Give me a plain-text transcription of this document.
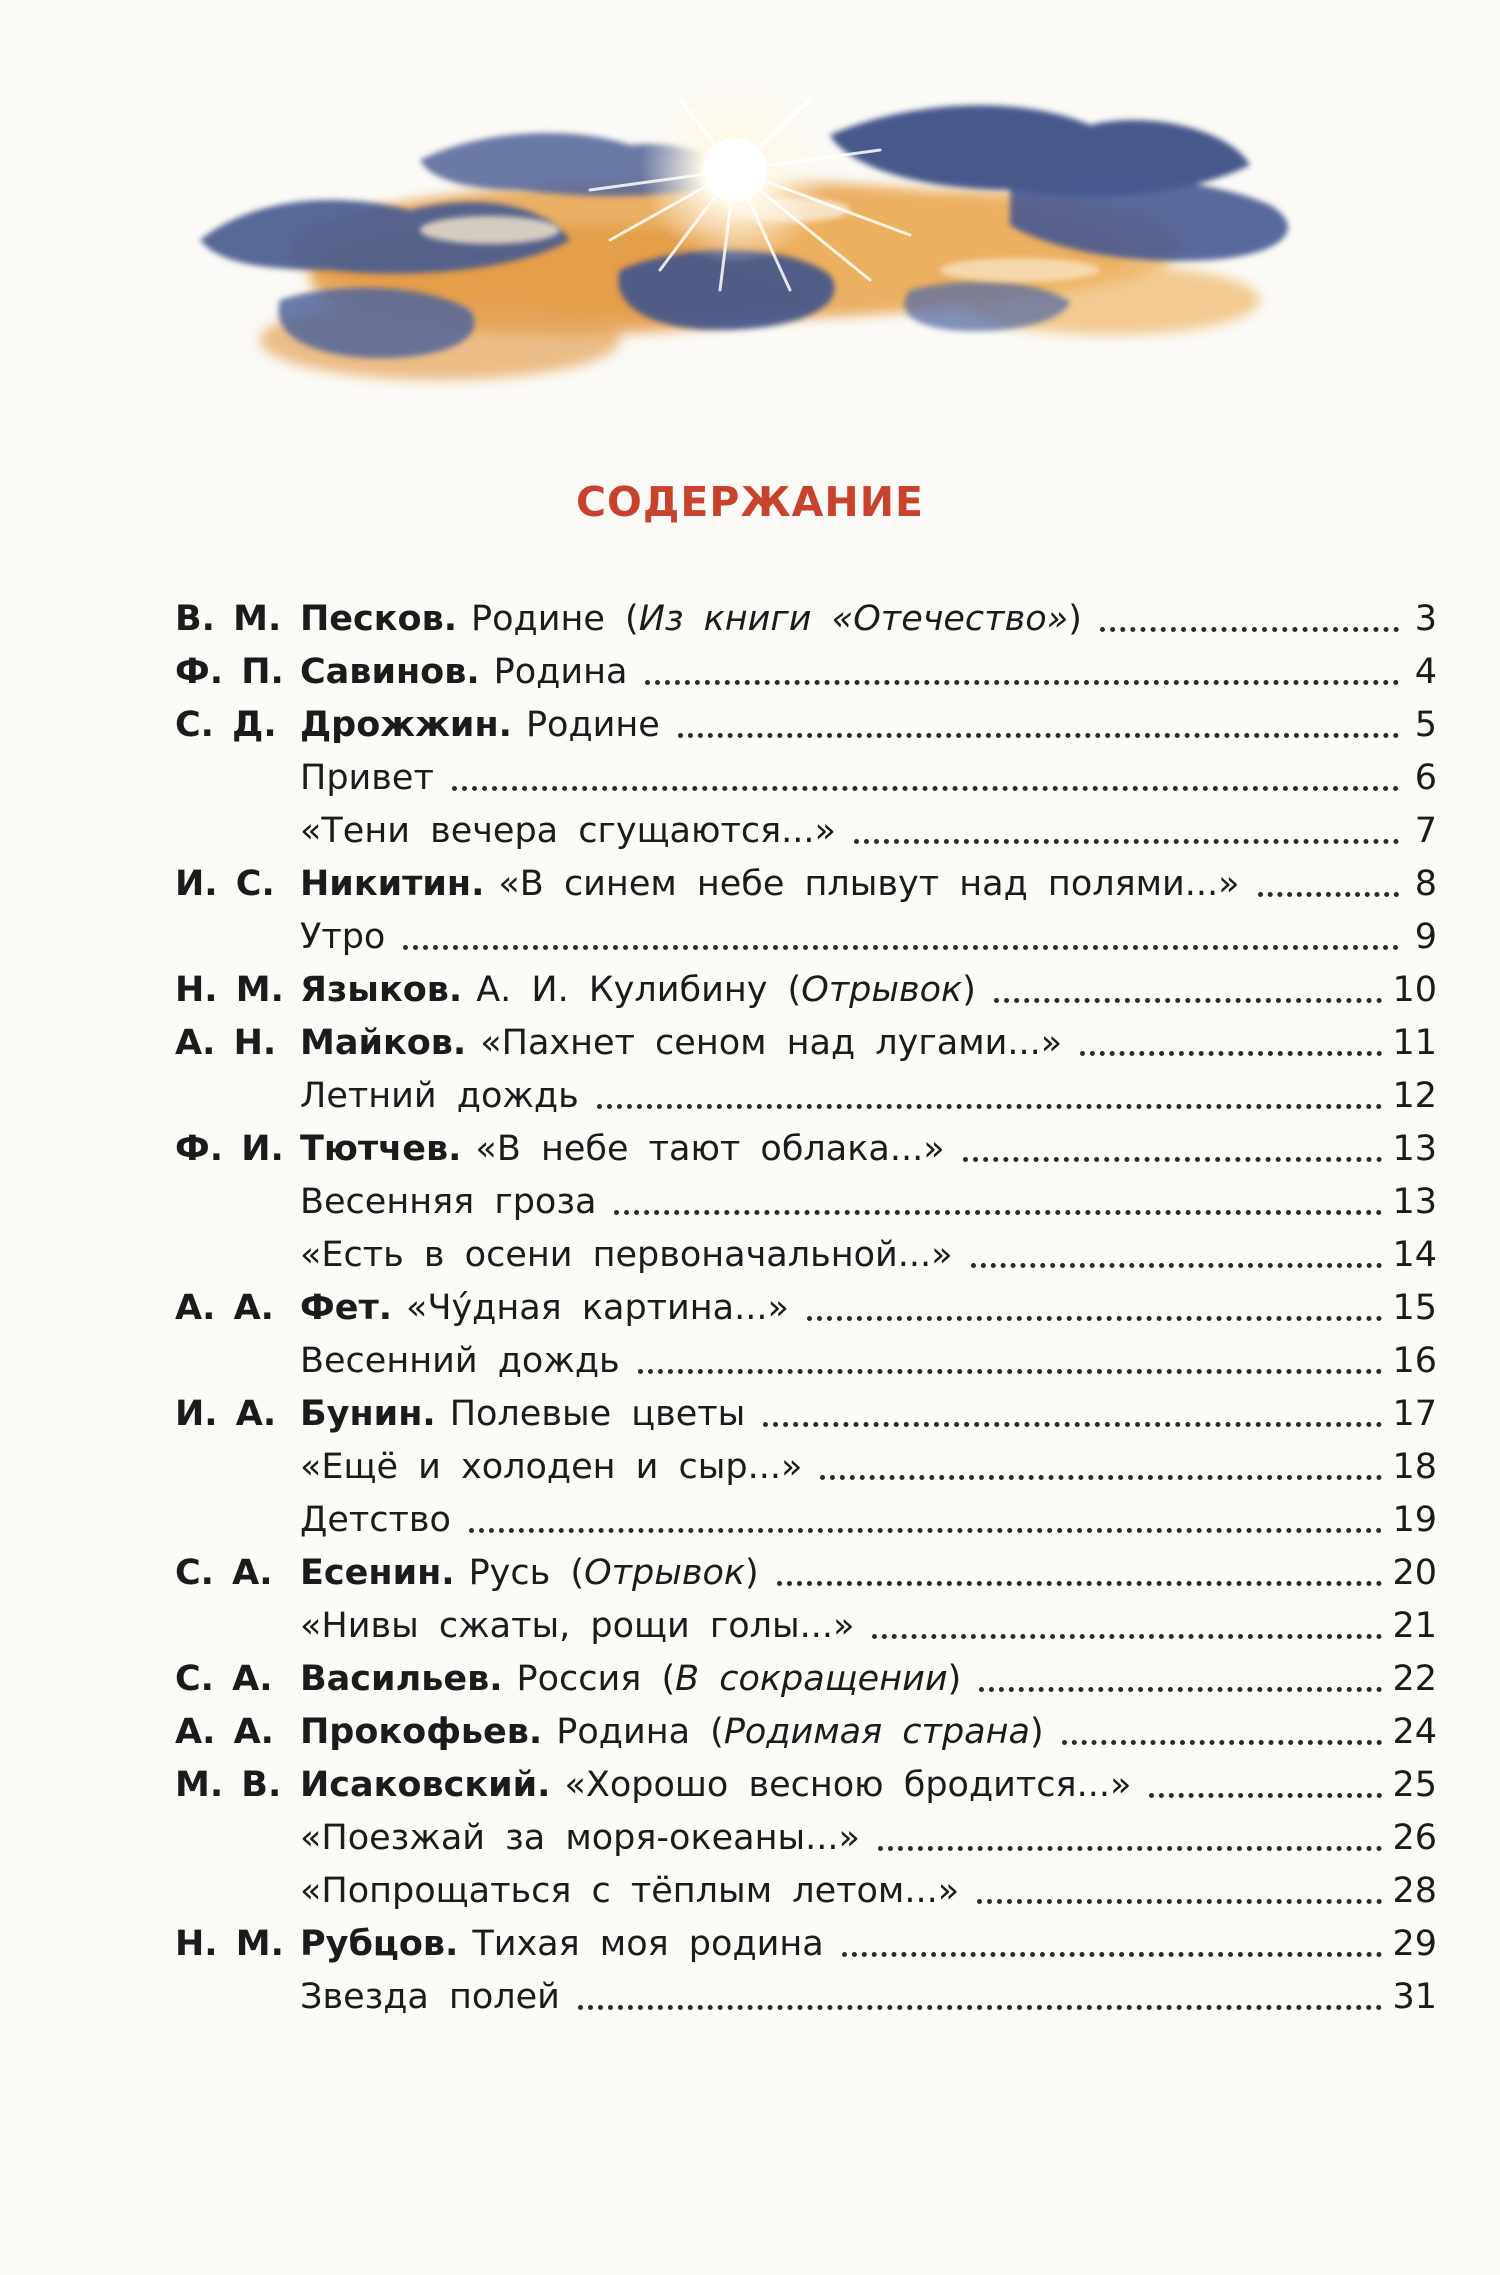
СОДЕРЖАНИЕ
В. М. Песков. Родине (Из книги «Отечество»)	3
Ф. П. Савинов. Родина	4
С. Д. Дрожжин. Родине	5
Привет	6
«Тени вечера сгущаются...»	7
И. С. Никитин. «В синем небе плывут над полями...»	8
Утро	9
Н. М. Языков. А. И. Кулибину (Отрывок)	10
А. Н. Майков. «Пахнет сеном над лугами...»	11
Летний дождь	12
Ф. И. Тютчев. «В небе тают облака...»	13
Весенняя гроза	13
«Есть в осени первоначальной...»	14
А. А. Фет. «Чу́дная картина...»	15
Весенний дождь	16
И. А. Бунин. Полевые цветы	17
«Ещё и холоден и сыр...»	18
Детство	19
С. А. Есенин. Русь (Отрывок)	20
«Нивы сжаты, рощи голы...»	21
С. А. Васильев. Россия (В сокращении)	22
А. А. Прокофьев. Родина (Родимая страна)	24
М. В. Исаковский. «Хорошо весною бродится...»	25
«Поезжай за моря-океаны...»	26
«Попрощаться с тёплым летом...»	28
Н. М. Рубцов. Тихая моя родина	29
Звезда полей	31
